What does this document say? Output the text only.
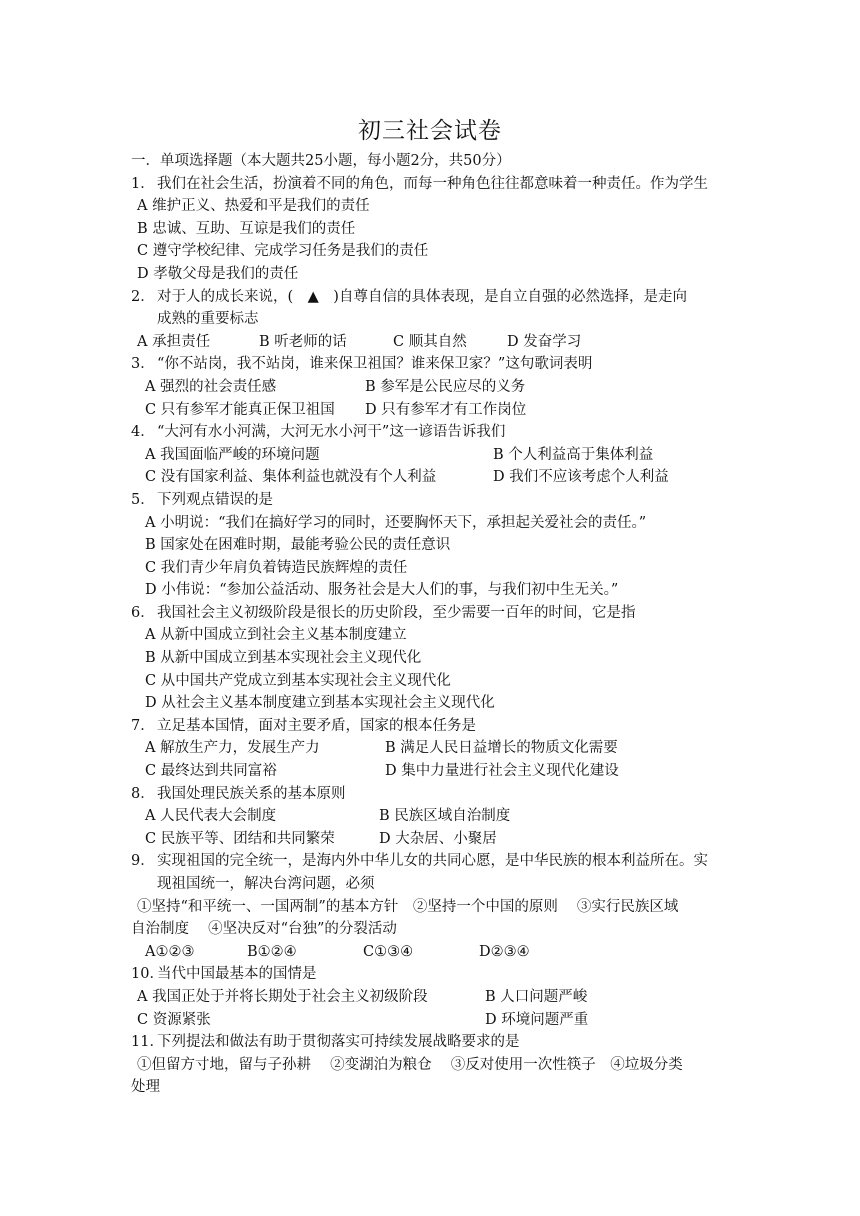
初三社会试卷
一．单项选择题（本大题共25小题，每小题2分，共50分）
1． 我们在社会生活，扮演着不同的角色，而每一种角色往往都意味着一种责任。作为学生
A 维护正义、热爱和平是我们的责任
B 忠诚、互助、互谅是我们的责任
C 遵守学校纪律、完成学习任务是我们的责任
D 孝敬父母是我们的责任
2． 对于人的成长来说，(　▲　)自尊自信的具体表现，是自立自强的必然选择，是走向
成熟的重要标志
A 承担责任	B 听老师的话	C 顺其自然	D 发奋学习
3． “你不站岗，我不站岗，谁来保卫祖国？谁来保卫家？”这句歌词表明
A 强烈的社会责任感	B 参军是公民应尽的义务
C 只有参军才能真正保卫祖国	D 只有参军才有工作岗位
4． “大河有水小河满，大河无水小河干”这一谚语告诉我们
A 我国面临严峻的环境问题	B 个人利益高于集体利益
C 没有国家利益、集体利益也就没有个人利益	D 我们不应该考虑个人利益
5． 下列观点错误的是
A 小明说：“我们在搞好学习的同时，还要胸怀天下，承担起关爱社会的责任。”
B 国家处在困难时期，最能考验公民的责任意识
C 我们青少年肩负着铸造民族辉煌的责任
D 小伟说：“参加公益活动、服务社会是大人们的事，与我们初中生无关。”
6． 我国社会主义初级阶段是很长的历史阶段，至少需要一百年的时间，它是指
A 从新中国成立到社会主义基本制度建立
B 从新中国成立到基本实现社会主义现代化
C 从中国共产党成立到基本实现社会主义现代化
D 从社会主义基本制度建立到基本实现社会主义现代化
7． 立足基本国情，面对主要矛盾，国家的根本任务是
A 解放生产力，发展生产力	B 满足人民日益增长的物质文化需要
C 最终达到共同富裕	D 集中力量进行社会主义现代化建设
8． 我国处理民族关系的基本原则
A 人民代表大会制度	B 民族区域自治制度
C 民族平等、团结和共同繁荣	D 大杂居、小聚居
9． 实现祖国的完全统一，是海内外中华儿女的共同心愿，是中华民族的根本利益所在。实
现祖国统一，解决台湾问题，必须
①坚持“和平统一、一国两制”的基本方针　②坚持一个中国的原则　 ③实行民族区域
自治制度　 ④坚决反对“台独”的分裂活动
A①②③	B①②④	C①③④	D②③④
10．
当代中国最基本的国情是
A 我国正处于并将长期处于社会主义初级阶段	B 人口问题严峻
C 资源紧张	D 环境问题严重
11．
下列提法和做法有助于贯彻落实可持续发展战略要求的是
①但留方寸地，留与子孙耕　 ②变湖泊为粮仓　 ③反对使用一次性筷子　④垃圾分类
处理
